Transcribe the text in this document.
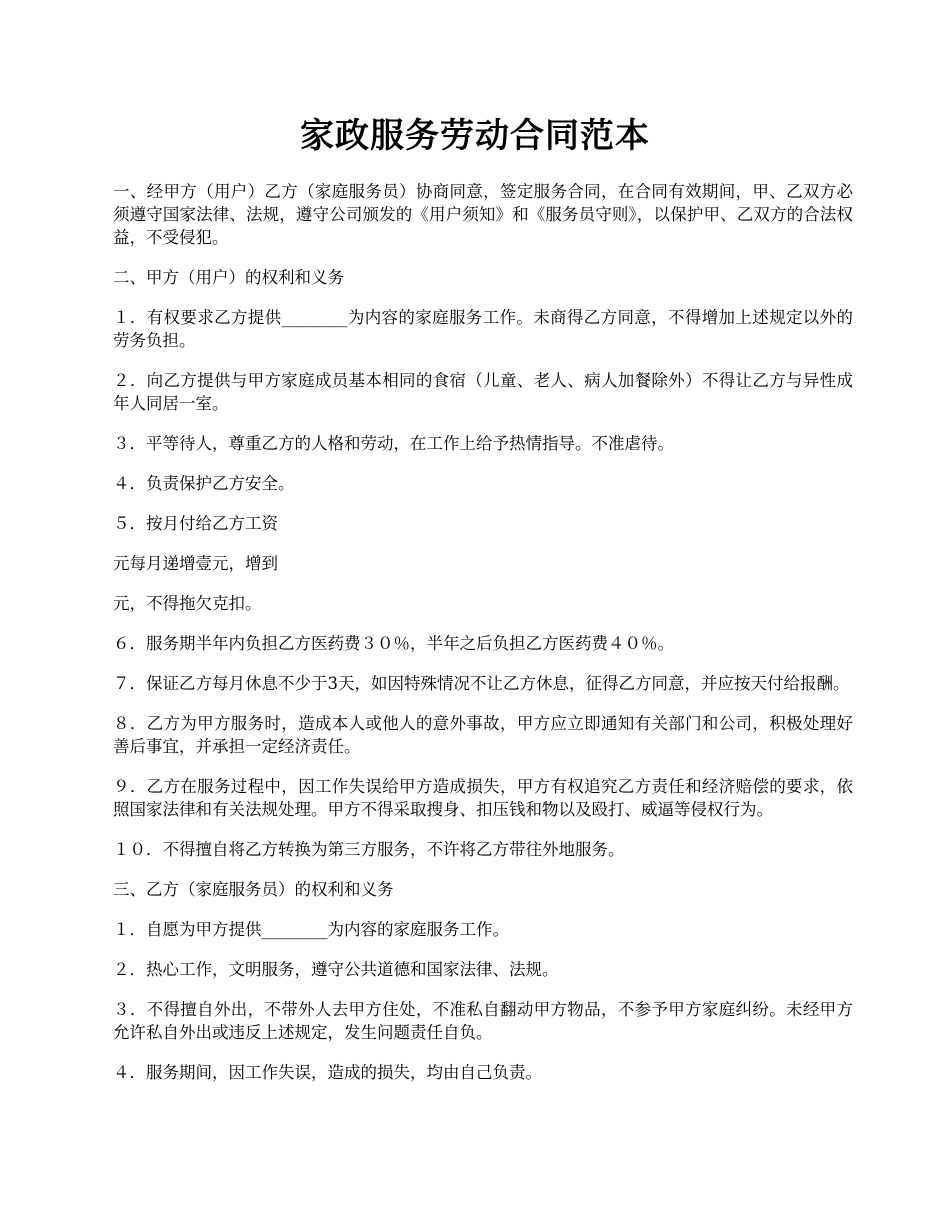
家政服务劳动合同范本

一、经甲方（用户）乙方（家庭服务员）协商同意，签定服务合同，在合同有效期间，甲、乙双方必须遵守国家法律、法规，遵守公司颁发的《用户须知》和《服务员守则》，以保护甲、乙双方的合法权益，不受侵犯。

二、甲方（用户）的权利和义务

１．有权要求乙方提供________为内容的家庭服务工作。未商得乙方同意，不得增加上述规定以外的劳务负担。

２．向乙方提供与甲方家庭成员基本相同的食宿（儿童、老人、病人加餐除外）不得让乙方与异性成年人同居一室。

３．平等待人，尊重乙方的人格和劳动，在工作上给予热情指导。不准虐待。

４．负责保护乙方安全。

５．按月付给乙方工资

元每月递增壹元，增到

元，不得拖欠克扣。

６．服务期半年内负担乙方医药费３０％，半年之后负担乙方医药费４０％。

７．保证乙方每月休息不少于3天，如因特殊情况不让乙方休息，征得乙方同意，并应按天付给报酬。

８．乙方为甲方服务时，造成本人或他人的意外事故，甲方应立即通知有关部门和公司，积极处理好善后事宜，并承担一定经济责任。

９．乙方在服务过程中，因工作失误给甲方造成损失，甲方有权追究乙方责任和经济赔偿的要求，依照国家法律和有关法规处理。甲方不得采取搜身、扣压钱和物以及殴打、威逼等侵权行为。

１０．不得擅自将乙方转换为第三方服务，不许将乙方带往外地服务。

三、乙方（家庭服务员）的权利和义务

１．自愿为甲方提供________为内容的家庭服务工作。

２．热心工作，文明服务，遵守公共道德和国家法律、法规。

３．不得擅自外出，不带外人去甲方住处，不准私自翻动甲方物品，不参予甲方家庭纠纷。未经甲方允许私自外出或违反上述规定，发生问题责任自负。

４．服务期间，因工作失误，造成的损失，均由自己负责。
